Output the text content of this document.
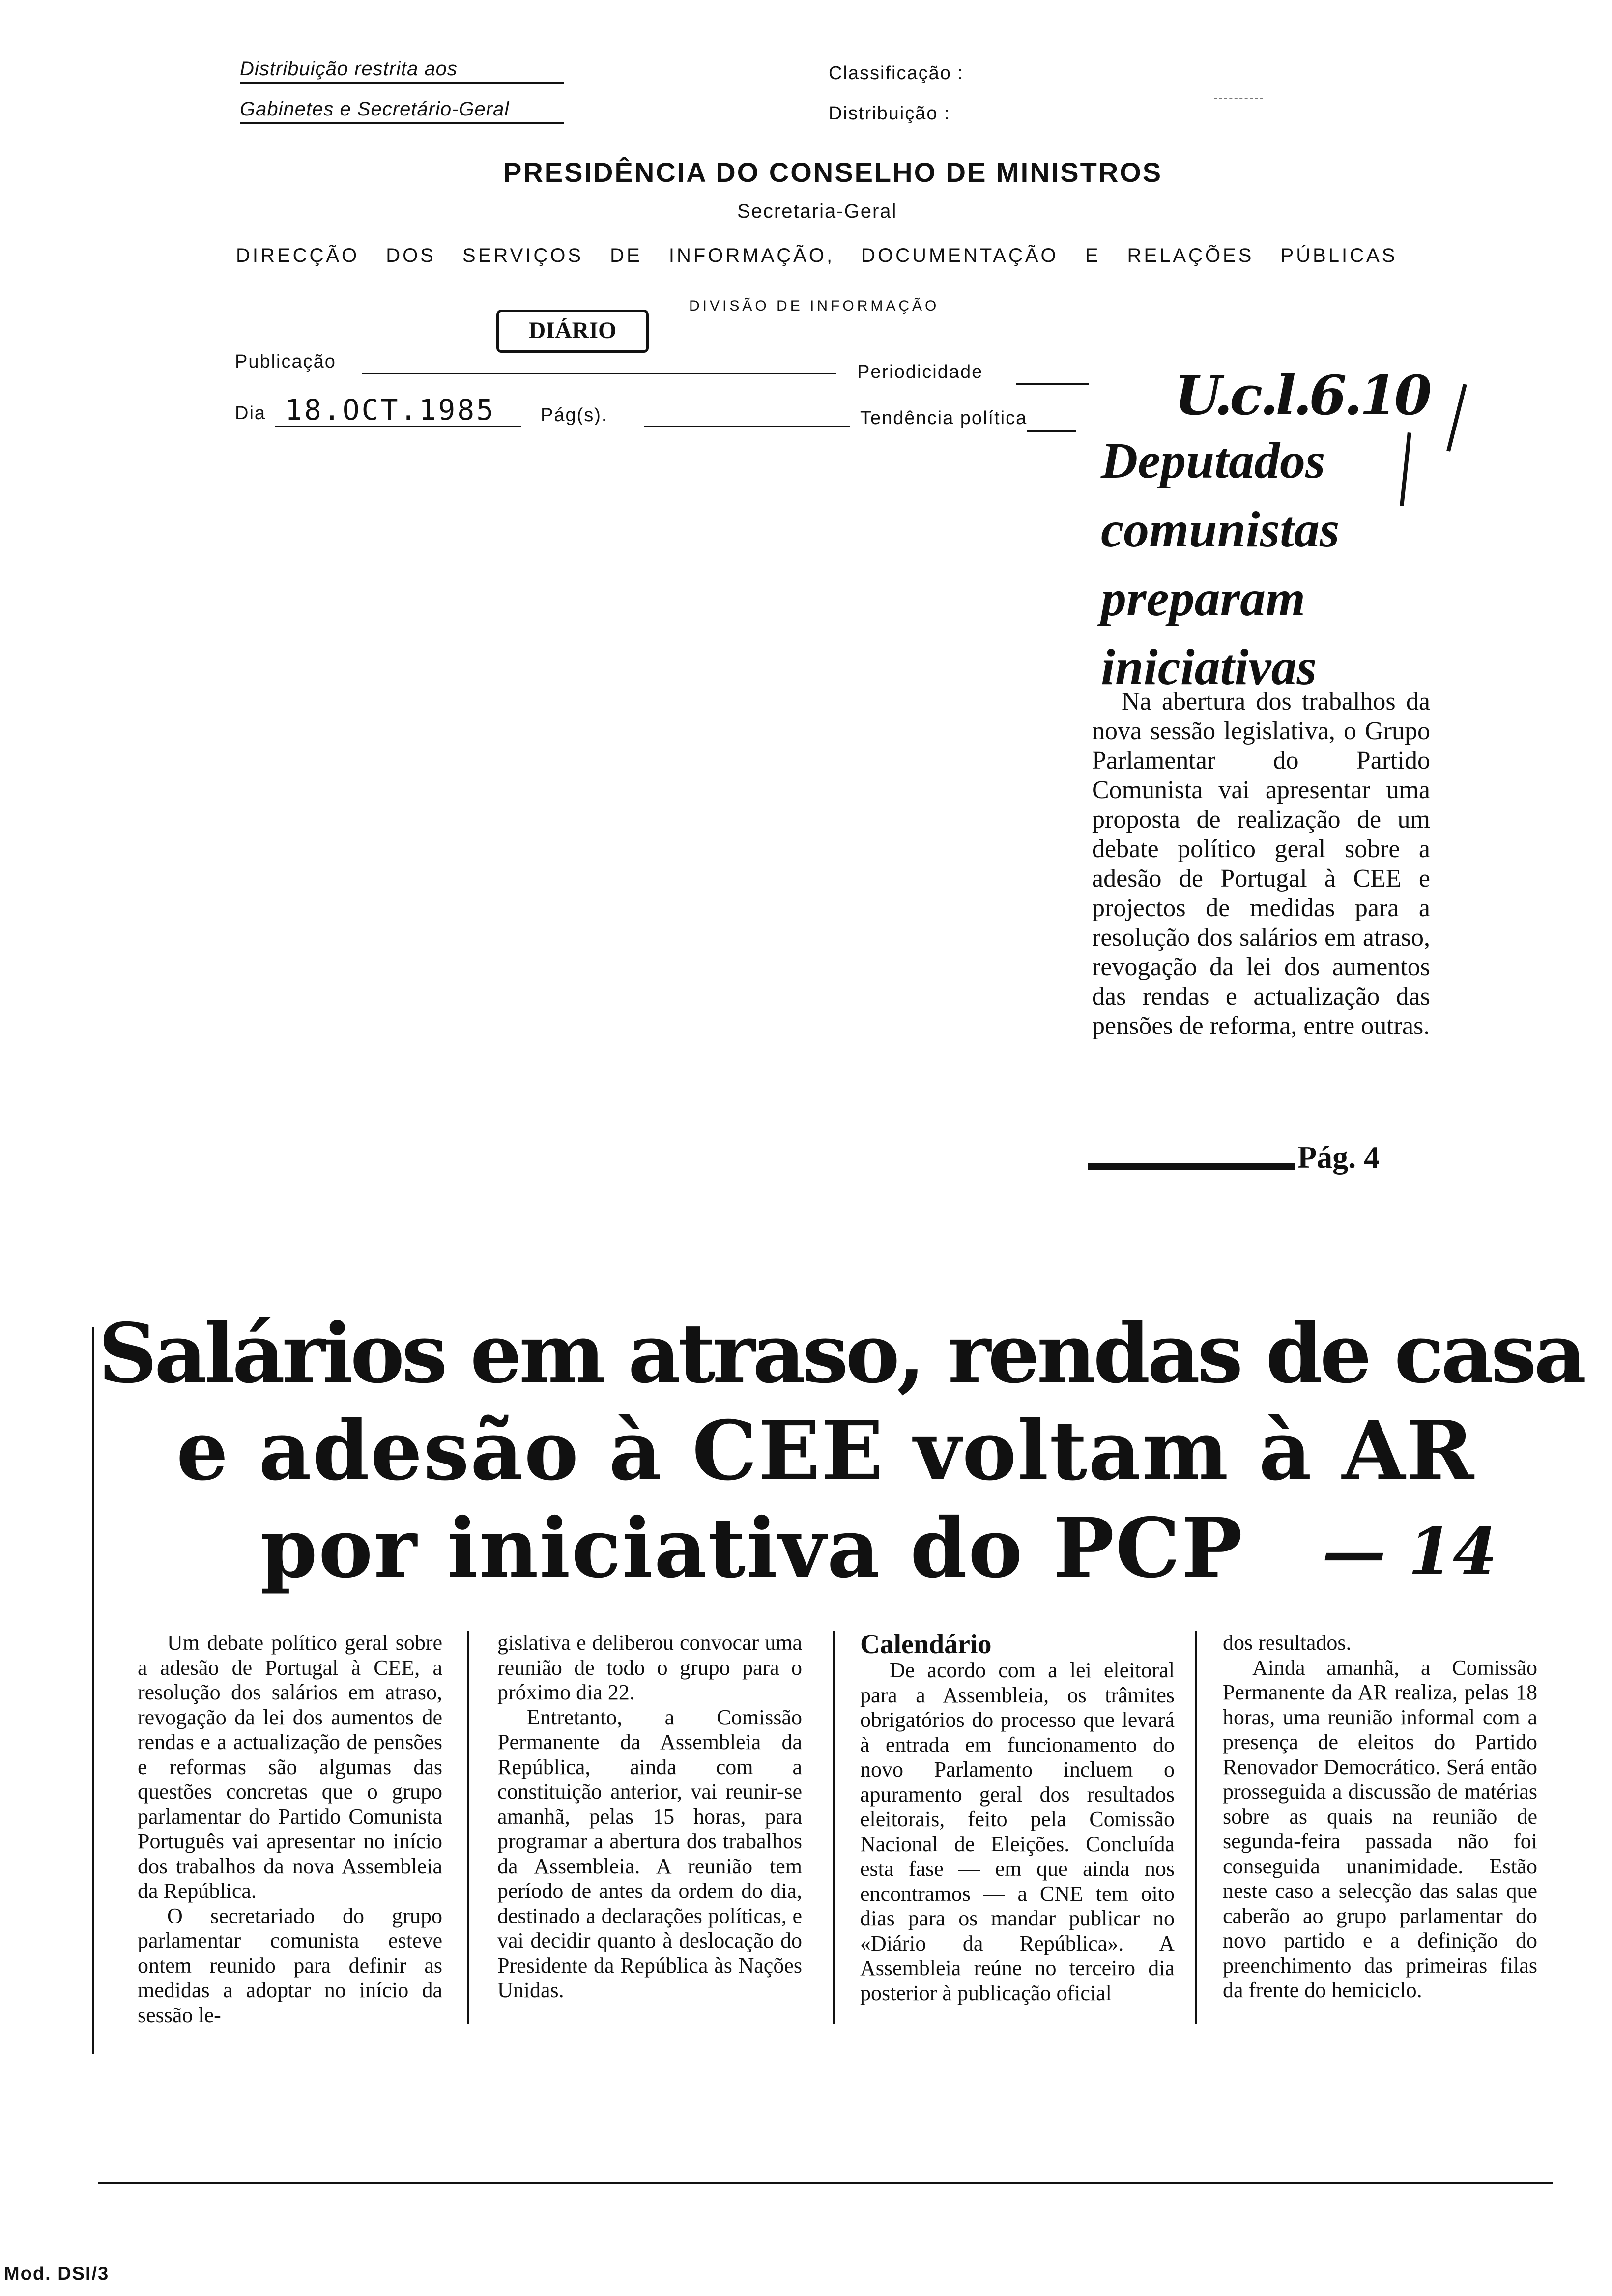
Distribuição restrita aos
Gabinetes e Secretário-Geral
Classificação :
Distribuição :
PRESIDÊNCIA DO CONSELHO DE MINISTROS
Secretaria-Geral
DIRECÇÃO DOS SERVIÇOS DE INFORMAÇÃO, DOCUMENTAÇÃO E RELAÇÕES PÚBLICAS
DIVISÃO DE INFORMAÇÃO
Publicação
DIÁRIO
Periodicidade
Dia 18.OCT.1985 Pág(s).	Tendência política	U.c.l.6.10
Deputados
comunistas
preparam
iniciativas
Na abertura dos trabalhos da nova sessão legislativa, o Grupo Parlamentar do Partido Comunista vai apresentar uma proposta de realização de um debate político geral sobre a adesão de Portugal à CEE e projectos de medidas para a resolução dos salários em atraso, revogação da lei dos aumentos das rendas e actualização das pensões de reforma, entre outras.
Pág. 4
Salários em atraso, rendas de casa
e adesão à CEE voltam à AR
por iniciativa do PCP	— 14

Um debate político geral sobre a adesão de Portugal à CEE, a resolução dos salários em atraso, revogação da lei dos aumentos de rendas e a actualização de pensões e reformas são algumas das questões concretas que o grupo parlamentar do Partido Comunista Português vai apresentar no início dos trabalhos da nova Assembleia da República.

O secretariado do grupo parlamentar comunista esteve ontem reunido para definir as medidas a adoptar no início da sessão le-

gislativa e deliberou convocar uma reunião de todo o grupo para o próximo dia 22.

Entretanto, a Comissão Permanente da Assembleia da República, ainda com a constituição anterior, vai reunir-se amanhã, pelas 15 horas, para programar a abertura dos trabalhos da Assembleia. A reunião tem período de antes da ordem do dia, destinado a declarações políticas, e vai decidir quanto à deslocação do Presidente da República às Nações Unidas.

Calendário

De acordo com a lei eleitoral para a Assembleia, os trâmites obrigatórios do processo que levará à entrada em funcionamento do novo Parlamento incluem o apuramento geral dos resultados eleitorais, feito pela Comissão Nacional de Eleições. Concluída esta fase — em que ainda nos encontramos — a CNE tem oito dias para os mandar publicar no «Diário da República». A Assembleia reúne no terceiro dia posterior à publicação oficial

dos resultados.

Ainda amanhã, a Comissão Permanente da AR realiza, pelas 18 horas, uma reunião informal com a presença de eleitos do Partido Renovador Democrático. Será então prosseguida a discussão de matérias sobre as quais na reunião de segunda-feira passada não foi conseguida unanimidade. Estão neste caso a selecção das salas que caberão ao grupo parlamentar do novo partido e a definição do preenchimento das primeiras filas da frente do hemiciclo.

Mod. DSI/3
